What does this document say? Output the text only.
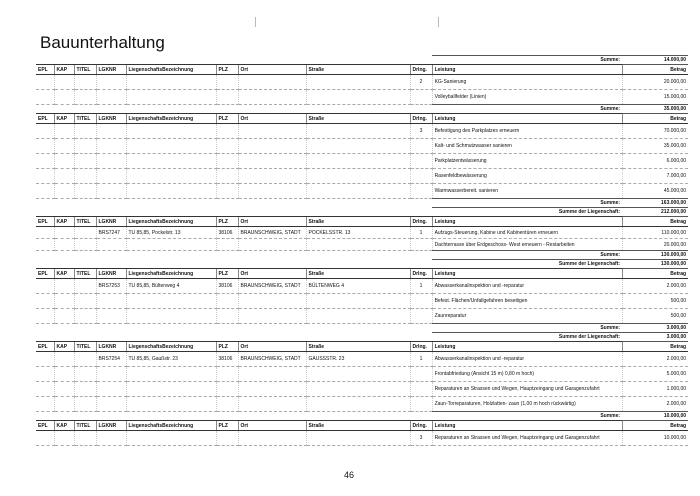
Bauunterhaltung
									Summe:	14.000,00
EPL	KAP	TITEL	LGKNR	LiegenschaftsBezeichnung	PLZ	Ort	Straße	Drlng.	Leistung	Betrag
								2	KG-Sanierung	20.000,00
									Volleyballfelder (Linien)	15.000,00
									Summe:	35.000,00
EPL	KAP	TITEL	LGKNR	LiegenschaftsBezeichnung	PLZ	Ort	Straße	Drlng.	Leistung	Betrag
								3	Befestigung des Parkplatzes erneuern	70.000,00
									Kalt- und Schmutzwasser sanieren	35.000,00
									Parkplatzentwässerung	6.000,00
									Rasenfeldbewässerung	7.000,00
									Warmwasserbereit. sanieren	45.000,00
									Summe:	163.000,00
									Summe der Liegenschaft:	212.000,00
EPL	KAP	TITEL	LGKNR	LiegenschaftsBezeichnung	PLZ	Ort	Straße	Drlng.	Leistung	Betrag
			BRS7247	TU 85,85, Pockelstr. 13	38106	BRAUNSCHWEIG, STADT	POCKELSSTR. 13	1	Aufzugs-Steuerung, Kabine und Kabinentüren erneuern	110.000,00
									Dachterrasse über Erdgeschoss- West erneuern - Restarbeiten	20.000,00
									Summe:	130.000,00
									Summe der Liegenschaft:	130.000,00
EPL	KAP	TITEL	LGKNR	LiegenschaftsBezeichnung	PLZ	Ort	Straße	Drlng.	Leistung	Betrag
			BRS7253	TU 85,85, Bültenweg 4	38106	BRAUNSCHWEIG, STADT	BÜLTENWEG 4	1	Abwasserkanalinspektion und -reparatur	2.000,00
									Befest. Flächen/Unfallgefahren beseitigen	500,00
									Zaunreparatur	500,00
									Summe:	3.000,00
									Summe der Liegenschaft:	3.000,00
EPL	KAP	TITEL	LGKNR	LiegenschaftsBezeichnung	PLZ	Ort	Straße	Drlng.	Leistung	Betrag
			BRS7254	TU 85,85, Gaußstr. 23	38106	BRAUNSCHWEIG, STADT	GAUSSSTR. 23	1	Abwasserkanalinspektion und -reparatur	2.000,00
									Frontabfriedung (Ansicht 15 m) 0,80 m hoch)	5.000,00
									Reparaturen an Strassen und Wegen, Hauptzeingang und Garagenzufahrt	1.000,00
									Zaun-Torreparaturen, Holzlatten- zaun (1,00 m hoch rückwärtig)	2.000,00
									Summe:	10.000,00
EPL	KAP	TITEL	LGKNR	LiegenschaftsBezeichnung	PLZ	Ort	Straße	Drlng.	Leistung	Betrag
								3	Reparaturen an Strassen und Wegen, Hauptzeingang und Garagenzufahrt	10.000,00
46
